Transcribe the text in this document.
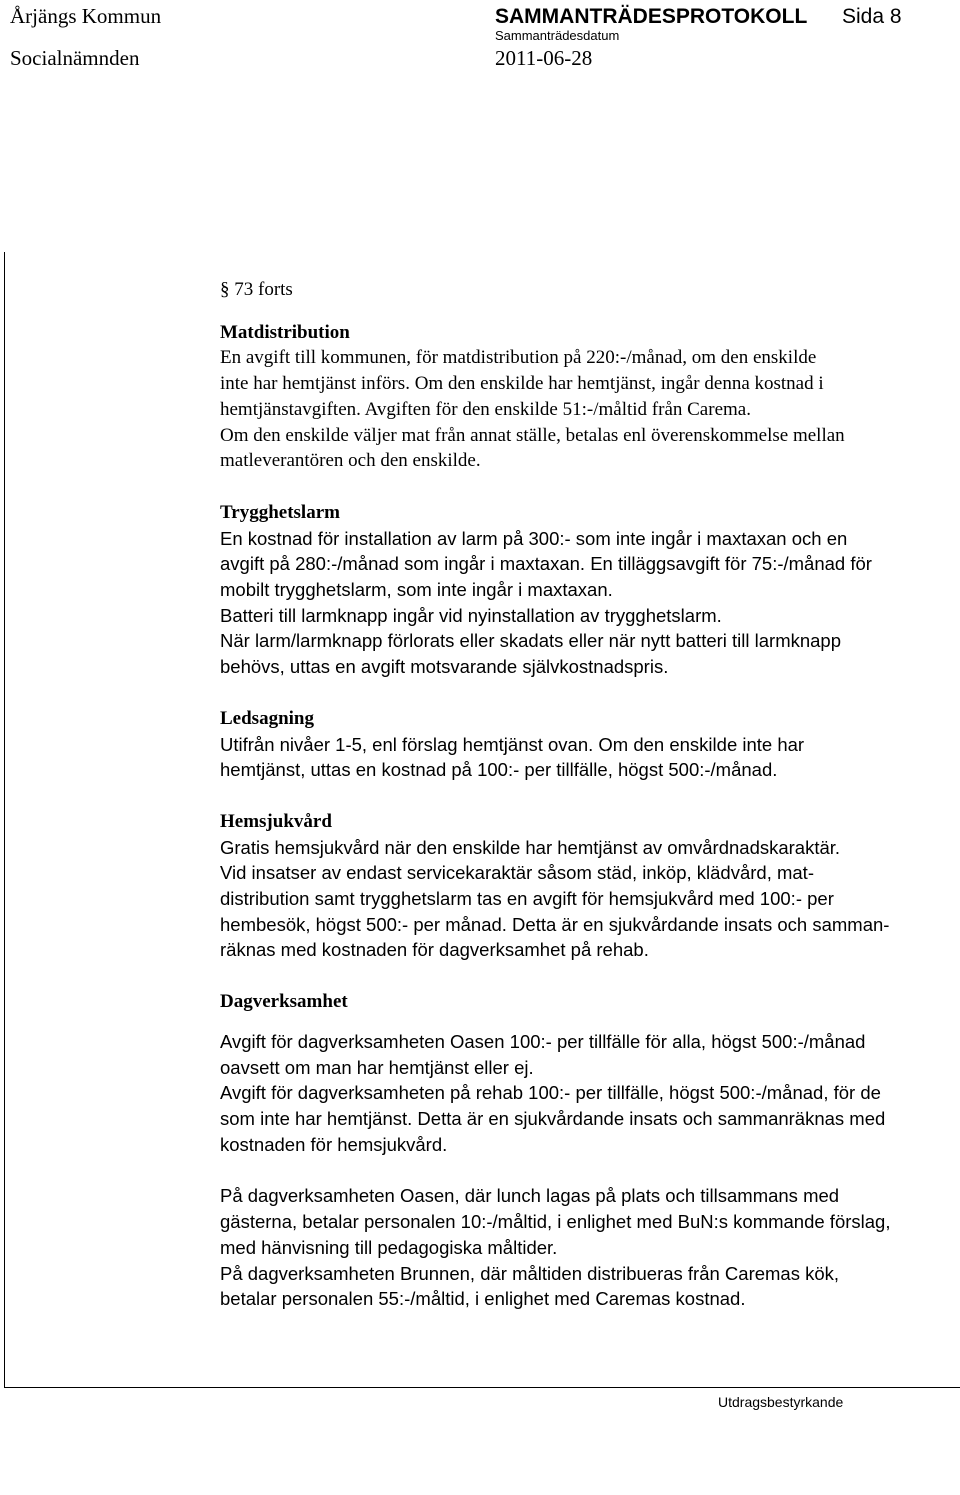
Årjängs Kommun
Socialnämnden
SAMMANTRÄDESPROTOKOLL Sida 8
Sammanträdesdatum
2011-06-28

§ 73 forts

Matdistribution

En avgift till kommunen, för matdistribution på 220:-/månad, om den enskilde

inte har hemtjänst införs. Om den enskilde har hemtjänst, ingår denna kostnad i

hemtjänstavgiften. Avgiften för den enskilde 51:-/måltid från Carema.

Om den enskilde väljer mat från annat ställe, betalas enl överenskommelse mellan

matleverantören och den enskilde.

Trygghetslarm

En kostnad för installation av larm på 300:- som inte ingår i maxtaxan och en

avgift på 280:-/månad som ingår i maxtaxan. En tilläggsavgift för 75:-/månad för

mobilt trygghetslarm, som inte ingår i maxtaxan.

Batteri till larmknapp ingår vid nyinstallation av trygghetslarm.

När larm/larmknapp förlorats eller skadats eller när nytt batteri till larmknapp

behövs, uttas en avgift motsvarande självkostnadspris.

Ledsagning

Utifrån nivåer 1-5, enl förslag hemtjänst ovan. Om den enskilde inte har

hemtjänst, uttas en kostnad på 100:- per tillfälle, högst 500:-/månad.

Hemsjukvård

Gratis hemsjukvård när den enskilde har hemtjänst av omvårdnadskaraktär.

Vid insatser av endast servicekaraktär såsom städ, inköp, klädvård, mat-

distribution samt trygghetslarm tas en avgift för hemsjukvård med 100:- per

hembesök, högst 500:- per månad. Detta är en sjukvårdande insats och samman-

räknas med kostnaden för dagverksamhet på rehab.

Dagverksamhet

Avgift för dagverksamheten Oasen 100:- per tillfälle för alla, högst 500:-/månad

oavsett om man har hemtjänst eller ej.

Avgift för dagverksamheten på rehab 100:- per tillfälle, högst 500:-/månad, för de

som inte har hemtjänst. Detta är en sjukvårdande insats och sammanräknas med

kostnaden för hemsjukvård.

På dagverksamheten Oasen, där lunch lagas på plats och tillsammans med

gästerna, betalar personalen 10:-/måltid, i enlighet med BuN:s kommande förslag,

med hänvisning till pedagogiska måltider.

På dagverksamheten Brunnen, där måltiden distribueras från Caremas kök,

betalar personalen 55:-/måltid, i enlighet med Caremas kostnad.

Utdragsbestyrkande
